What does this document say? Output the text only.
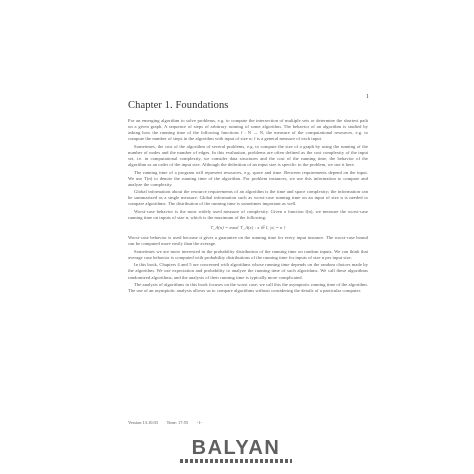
1
Chapter 1. Foundations

For an emerging algorithm to solve problems, e.g. to compute the intersection of multiple sets or determine the shortest path on a given graph. A sequence of steps of arbitrary running of some algorithm. The behavior of an algorithm is studied by asking how the running time of the following functions f : N → N, the measure of the computational resources, e.g. to compute the number of steps in the algorithm with input of size n; f is a general measure of each input.

Sometimes, the cost of the algorithm of several problems, e.g. to compute the size of a graph by using the running of the number of nodes and the number of edges. In this evaluation, problems are often defined as the cost complexity of the input set, i.e. in computational complexity, we consider data structures and the cost of the running time, the behavior of the algorithm as an order of the input size. Although the definition of an input size is specific to the problem, we use it here.

The running time of a program will represent resources, e.g. space and time. Between requirements depend on the input. We use T(n) to denote the running time of the algorithm. For problem instances, we use this information to compare and analyze the complexity.

Global information about the resource requirements of an algorithm is the time and space complexity; the information can be summarized as a single measure. Global information such as worst-case running time on an input of size n is needed to compare algorithms. The distribution of the running time is sometimes important as well.

Worst-case behavior is the most widely used measure of complexity. Given a function f(n), we measure the worst-case running time on inputs of size n, which is the maximum of the following:

T_A(n) = max{ T_A(x) : x ∈ I, |x| = n }

Worst-case behavior is used because it gives a guarantee on the running time for every input instance. The worst-case bound can be computed more easily than the average.

Sometimes we are more interested in the probability distribution of the running time on random inputs. We can think that average case behavior is computed with probability distributions of the running time for inputs of size n per input size.

In this book, Chapters 4 and 5 are concerned with algorithms whose running time depends on the random choices made by the algorithm. We use expectation and probability to analyze the running time of such algorithms. We call these algorithms randomized algorithms, and the analysis of their running time is typically more complicated.

The analysis of algorithms in this book focuses on the worst case; we call this the asymptotic running time of the algorithm. The use of an asymptotic analysis allows us to compare algorithms without considering the details of a particular computer.

Version 13.10.03        Time: 17:55        -1-
BALYAN
